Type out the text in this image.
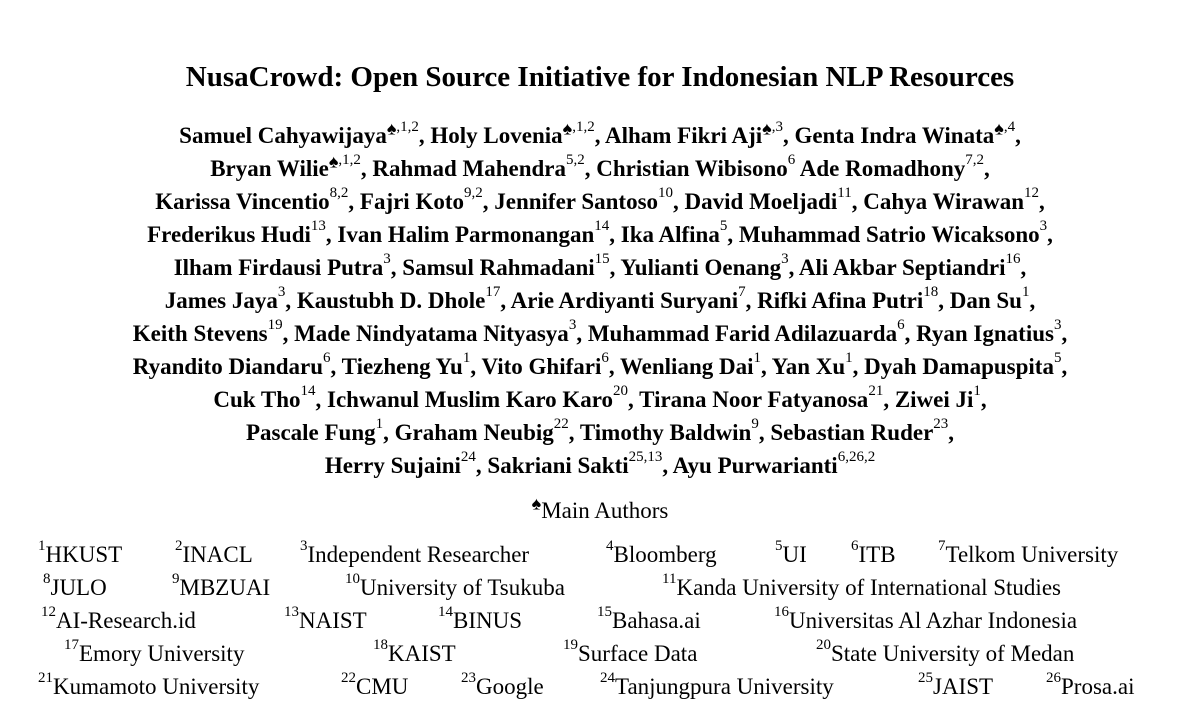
NusaCrowd: Open Source Initiative for Indonesian NLP Resources
Samuel Cahyawijaya$^{♠,1,2}$, Holy Lovenia$^{♠,1,2}$, Alham Fikri Aji$^{♠,3}$, Genta Indra Winata$^{♠,4}$,
Bryan Wilie$^{♠,1,2}$, Rahmad Mahendra$^{5,2}$, Christian Wibisono$^6$ Ade Romadhony$^{7,2}$,
Karissa Vincentio$^{8,2}$, Fajri Koto$^{9,2}$, Jennifer Santoso$^{10}$, David Moeljadi$^{11}$, Cahya Wirawan$^{12}$,
Frederikus Hudi$^{13}$, Ivan Halim Parmonangan$^{14}$, Ika Alfina$^5$, Muhammad Satrio Wicaksono$^3$,
Ilham Firdausi Putra$^3$, Samsul Rahmadani$^{15}$, Yulianti Oenang$^3$, Ali Akbar Septiandri$^{16}$,
James Jaya$^3$, Kaustubh D. Dhole$^{17}$, Arie Ardiyanti Suryani$^7$, Rifki Afina Putri$^{18}$, Dan Su$^1$,
Keith Stevens$^{19}$, Made Nindyatama Nityasya$^3$, Muhammad Farid Adilazuarda$^6$, Ryan Ignatius$^3$,
Ryandito Diandaru$^6$, Tiezheng Yu$^1$, Vito Ghifari$^6$, Wenliang Dai$^1$, Yan Xu$^1$, Dyah Damapuspita$^5$,
Cuk Tho$^{14}$, Ichwanul Muslim Karo Karo$^{20}$, Tirana Noor Fatyanosa$^{21}$, Ziwei Ji$^1$,
Pascale Fung$^1$, Graham Neubig$^{22}$, Timothy Baldwin$^9$, Sebastian Ruder$^{23}$,
Herry Sujaini$^{24}$, Sakriani Sakti$^{25,13}$, Ayu Purwarianti$^{6,26,2}$
♠Main Authors
$^1$HKUST	$^2$INACL	$^3$Independent Researcher	$^4$Bloomberg	$^5$UI	$^6$ITB	$^7$Telkom University
$^8$JULO	$^9$MBZUAI	$^{10}$University of Tsukuba	$^{11}$Kanda University of International Studies
$^{12}$AI-Research.id	$^{13}$NAIST	$^{14}$BINUS	$^{15}$Bahasa.ai	$^{16}$Universitas Al Azhar Indonesia
$^{17}$Emory University	$^{18}$KAIST	$^{19}$Surface Data	$^{20}$State University of Medan
$^{21}$Kumamoto University	$^{22}$CMU	$^{23}$Google	$^{24}$Tanjungpura University	$^{25}$JAIST	$^{26}$Prosa.ai
